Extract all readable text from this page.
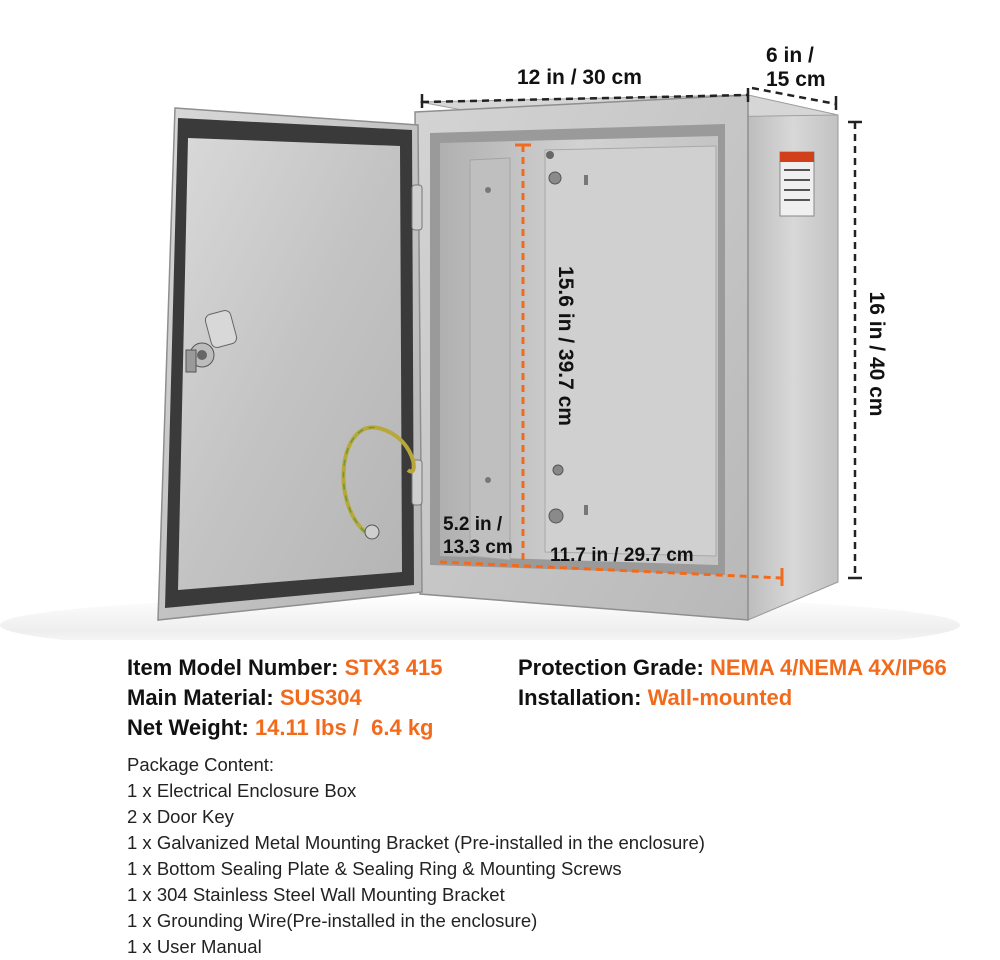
12 in / 30 cm
6 in /
15 cm
16 in / 40 cm
15.6 in / 39.7 cm
5.2 in /
13.3 cm 11.7 in / 29.7 cm
Item Model Number: STX3 415
Main Material: SUS304
Net Weight: 14.11 lbs /  6.4 kg
Protection Grade: NEMA 4/NEMA 4X/IP66
Installation: Wall-mounted
Package Content:
1 x Electrical Enclosure Box
2 x Door Key
1 x Galvanized Metal Mounting Bracket (Pre-installed in the enclosure)
1 x Bottom Sealing Plate & Sealing Ring & Mounting Screws
1 x 304 Stainless Steel Wall Mounting Bracket
1 x Grounding Wire(Pre-installed in the enclosure)
1 x User Manual
